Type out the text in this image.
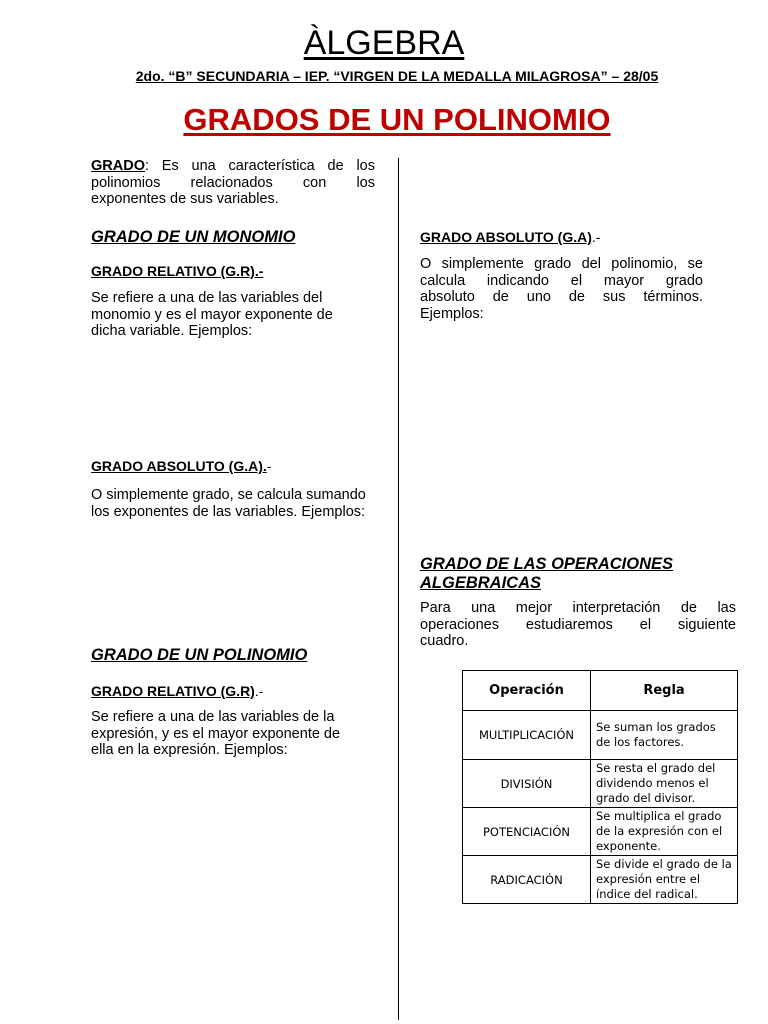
ÀLGEBRA
2do. “B” SECUNDARIA – IEP. “VIRGEN DE LA MEDALLA MILAGROSA” – 28/05
GRADOS DE UN POLINOMIO
GRADO: Es una característica de los
polinomios relacionados con los

exponentes de sus variables.
GRADO DE UN MONOMIO
GRADO RELATIVO (G.R).-
Se refiere a una de las variables del monomio y es el mayor exponente de dicha variable. Ejemplos:
GRADO ABSOLUTO (G.A).-
O simplemente grado, se calcula sumando
los exponentes de las variables. Ejemplos:
GRADO DE UN POLINOMIO
GRADO RELATIVO (G.R).-
Se refiere a una de las variables de la expresión, y es el mayor exponente de ella en la expresión. Ejemplos:
GRADO ABSOLUTO (G.A).-
O simplemente grado del polinomio, se
calcula indicando el mayor grado
absoluto de uno de sus términos.

Ejemplos:
GRADO DE LAS OPERACIONES
ALGEBRAICAS
Para una mejor interpretación de las
operaciones estudiaremos el siguiente

cuadro.
Operación	Regla
MULTIPLICACIÓN	Se suman los grados de los factores.
DIVISIÓN	Se resta el grado del dividendo menos el grado del divisor.
POTENCIACIÓN	Se multiplica el grado de la expresión con el exponente.
RADICACIÓN	Se divide el grado de la expresión entre el índice del radical.
